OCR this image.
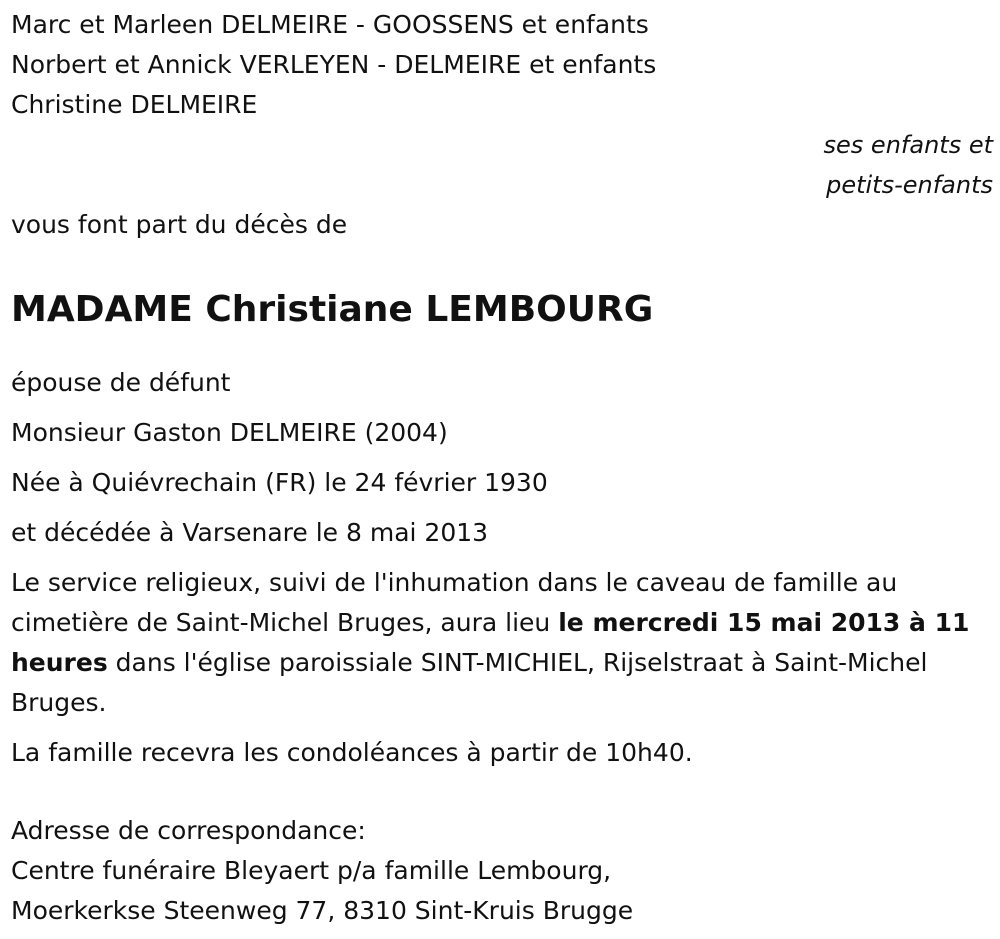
Marc et Marleen DELMEIRE - GOOSSENS et enfants
Norbert et Annick VERLEYEN - DELMEIRE et enfants
Christine DELMEIRE
ses enfants et
petits-enfants
vous font part du décès de
MADAME Christiane LEMBOURG
épouse de défunt
Monsieur Gaston DELMEIRE (2004)
Née à Quiévrechain (FR) le 24 février 1930
et décédée à Varsenare le 8 mai 2013
Le service religieux, suivi de l'inhumation dans le caveau de famille au cimetière de Saint-Michel Bruges, aura lieu le mercredi 15 mai 2013 à 11 heures dans l'église paroissiale SINT-MICHIEL, Rijselstraat à Saint-Michel Bruges.
La famille recevra les condoléances à partir de 10h40.
Adresse de correspondance:
Centre funéraire Bleyaert p/a famille Lembourg,
Moerkerkse Steenweg 77, 8310 Sint-Kruis Brugge
